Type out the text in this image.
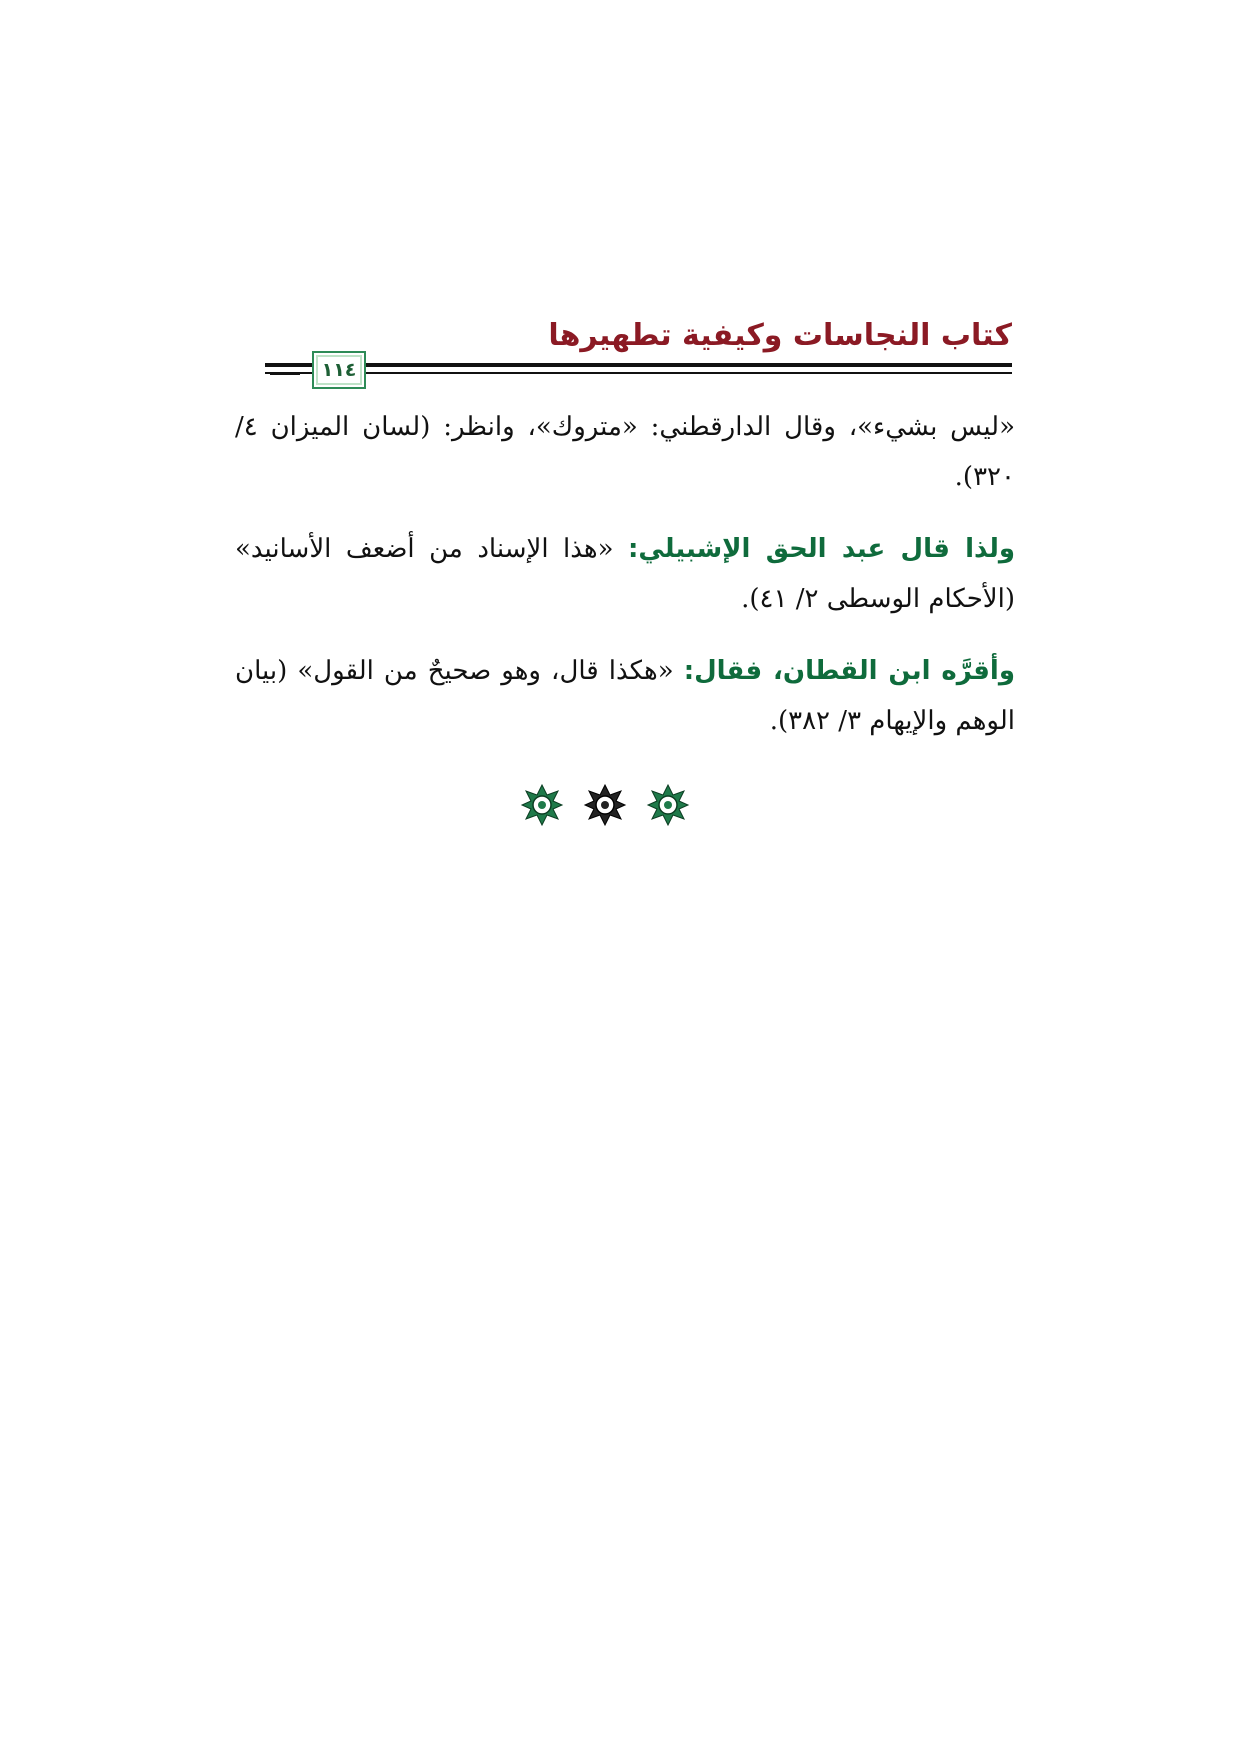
كتاب النجاسات وكيفية تطهيرها
١١٤

«ليس بشيء»، وقال الدارقطني: «متروك»، وانظر: (لسان الميزان ٤/ ٣٢٠).

ولذا قال عبد الحق الإشبيلي: «هذا الإسناد من أضعف الأسانيد» (الأحكام الوسطى ٢/ ٤١).

وأقرَّه ابن القطان، فقال: «هكذا قال، وهو صحيحٌ من القول» (بيان الوهم والإيهام ٣/ ٣٨٢).
